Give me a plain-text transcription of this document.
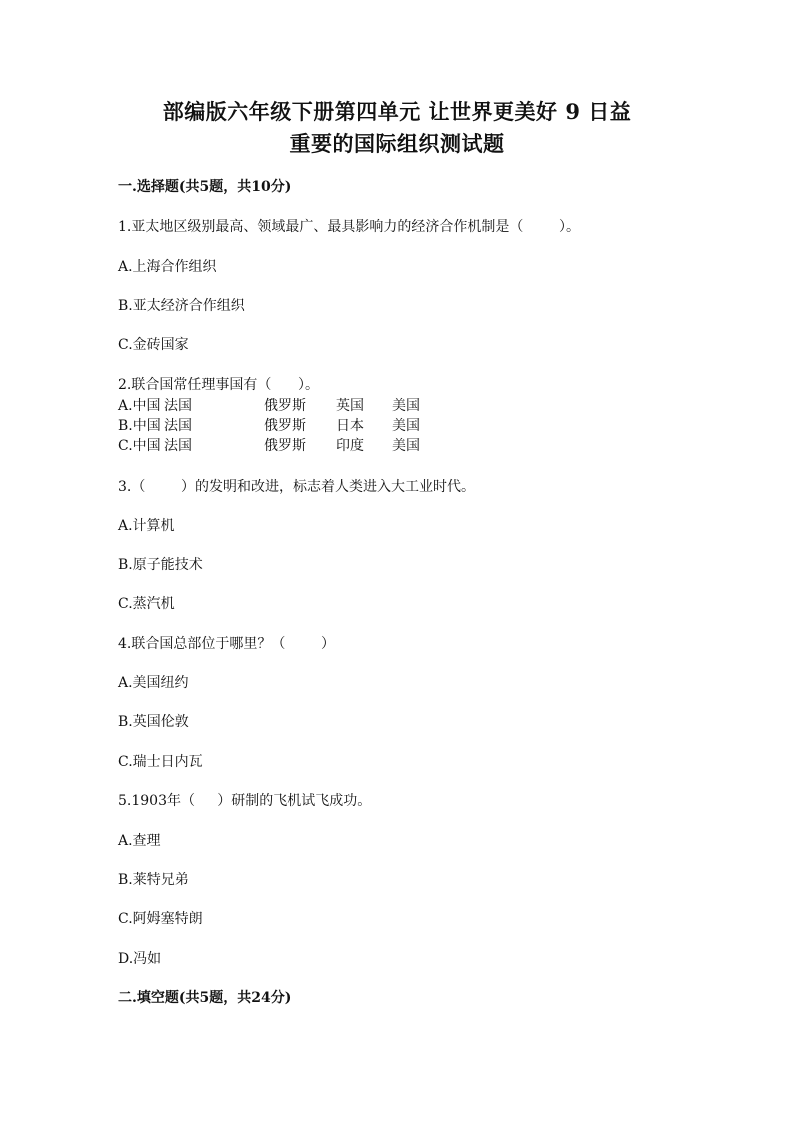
部编版六年级下册第四单元 让世界更美好 9 日益
重要的国际组织测试题
一.选择题(共5题，共10分)
1.亚太地区级别最高、领域最广、最具影响力的经济合作机制是（        ）。
A.上海合作组织
B.亚太经济合作组织
C.金砖国家
2.联合国常任理事国有（      ）。
A.中国 法国	俄罗斯 英国 美国
B.中国 法国	俄罗斯 日本 美国
C.中国 法国	俄罗斯 印度 美国
3.（        ）的发明和改进，标志着人类进入大工业时代。
A.计算机
B.原子能技术
C.蒸汽机
4.联合国总部位于哪里？（        ）
A.美国纽约
B.英国伦敦
C.瑞士日内瓦
5.1903年（     ）研制的飞机试飞成功。
A.查理
B.莱特兄弟
C.阿姆塞特朗
D.冯如
二.填空题(共5题，共24分)
